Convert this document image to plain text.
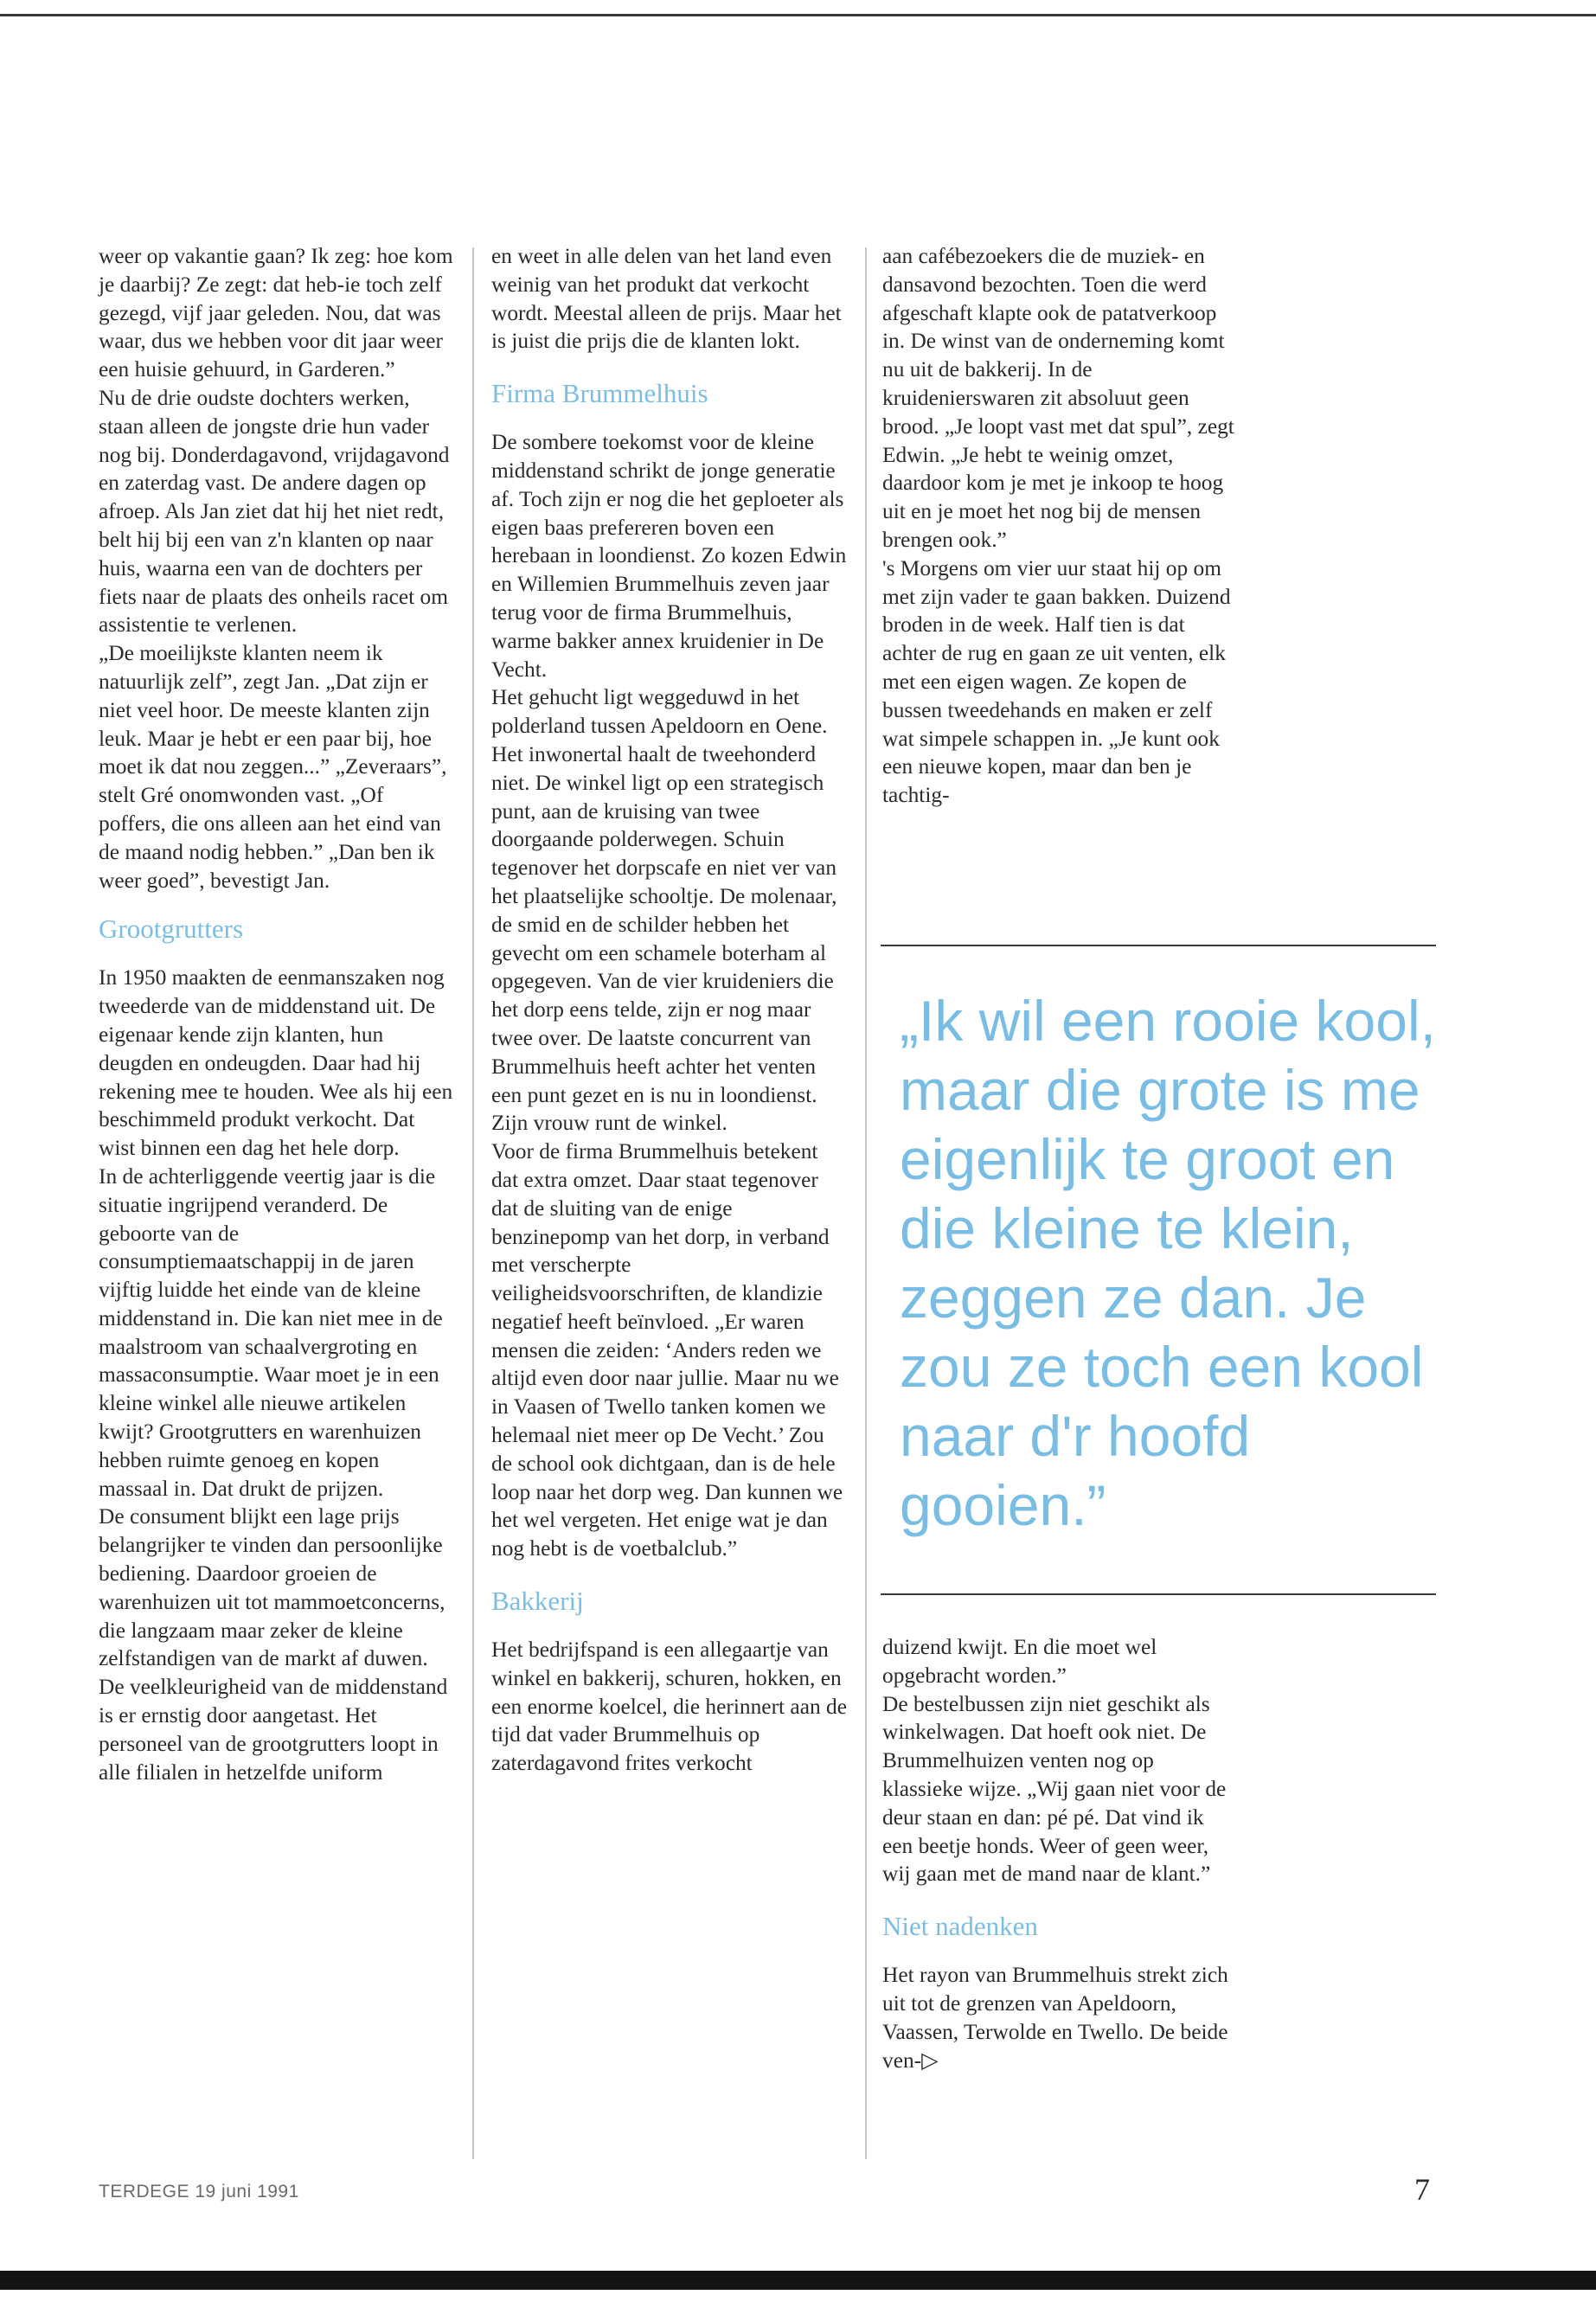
weer op vakantie gaan? Ik zeg: hoe kom je daarbij? Ze zegt: dat heb-ie toch zelf gezegd, vijf jaar geleden. Nou, dat was waar, dus we hebben voor dit jaar weer een huisie gehuurd, in Garderen.”

Nu de drie oudste dochters werken, staan alleen de jongste drie hun vader nog bij. Donderdagavond, vrijdagavond en zaterdag vast. De andere dagen op afroep. Als Jan ziet dat hij het niet redt, belt hij bij een van z'n klanten op naar huis, waarna een van de dochters per fiets naar de plaats des onheils racet om assistentie te verlenen.

„De moeilijkste klanten neem ik natuurlijk zelf”, zegt Jan. „Dat zijn er niet veel hoor. De meeste klanten zijn leuk. Maar je hebt er een paar bij, hoe moet ik dat nou zeggen...” „Zeveraars”, stelt Gré onomwonden vast. „Of poffers, die ons alleen aan het eind van de maand nodig hebben.” „Dan ben ik weer goed”, bevestigt Jan.

Grootgrutters

In 1950 maakten de eenmanszaken nog tweederde van de middenstand uit. De eigenaar kende zijn klanten, hun deugden en ondeugden. Daar had hij rekening mee te houden. Wee als hij een beschimmeld produkt verkocht. Dat wist binnen een dag het hele dorp.

In de achterliggende veertig jaar is die situatie ingrijpend veranderd. De geboorte van de consumptiemaatschappij in de jaren vijftig luidde het einde van de kleine middenstand in. Die kan niet mee in de maalstroom van schaalvergroting en massaconsumptie. Waar moet je in een kleine winkel alle nieuwe artikelen kwijt? Grootgrutters en warenhuizen hebben ruimte genoeg en kopen massaal in. Dat drukt de prijzen.

De consument blijkt een lage prijs belangrijker te vinden dan persoonlijke bediening. Daardoor groeien de warenhuizen uit tot mammoetconcerns, die langzaam maar zeker de kleine zelfstandigen van de markt af duwen. De veelkleurigheid van de middenstand is er ernstig door aangetast. Het personeel van de grootgrutters loopt in alle filialen in hetzelfde uniform

en weet in alle delen van het land even weinig van het produkt dat verkocht wordt. Meestal alleen de prijs. Maar het is juist die prijs die de klanten lokt.

Firma Brummelhuis

De sombere toekomst voor de kleine middenstand schrikt de jonge generatie af. Toch zijn er nog die het geploeter als eigen baas prefereren boven een herebaan in loondienst. Zo kozen Edwin en Willemien Brummelhuis zeven jaar terug voor de firma Brummelhuis, warme bakker annex kruidenier in De Vecht.

Het gehucht ligt weggeduwd in het polderland tussen Apeldoorn en Oene. Het inwonertal haalt de tweehonderd niet. De winkel ligt op een strategisch punt, aan de kruising van twee doorgaande polderwegen. Schuin tegenover het dorpscafe en niet ver van het plaatselijke schooltje. De molenaar, de smid en de schilder hebben het gevecht om een schamele boterham al opgegeven. Van de vier kruideniers die het dorp eens telde, zijn er nog maar twee over. De laatste concurrent van Brummelhuis heeft achter het venten een punt gezet en is nu in loondienst. Zijn vrouw runt de winkel.

Voor de firma Brummelhuis betekent dat extra omzet. Daar staat tegenover dat de sluiting van de enige benzinepomp van het dorp, in verband met verscherpte veiligheidsvoorschriften, de klandizie negatief heeft beïnvloed. „Er waren mensen die zeiden: ‘Anders reden we altijd even door naar jullie. Maar nu we in Vaasen of Twello tanken komen we helemaal niet meer op De Vecht.’ Zou de school ook dichtgaan, dan is de hele loop naar het dorp weg. Dan kunnen we het wel vergeten. Het enige wat je dan nog hebt is de voetbalclub.”

Bakkerij

Het bedrijfspand is een allegaartje van winkel en bakkerij, schuren, hokken, en een enorme koelcel, die herinnert aan de tijd dat vader Brummelhuis op zaterdagavond frites verkocht

aan cafébezoekers die de muziek- en dansavond bezochten. Toen die werd afgeschaft klapte ook de patatverkoop in. De winst van de onderneming komt nu uit de bakkerij. In de kruidenierswaren zit absoluut geen brood. „Je loopt vast met dat spul”, zegt Edwin. „Je hebt te weinig omzet, daardoor kom je met je inkoop te hoog uit en je moet het nog bij de mensen brengen ook.”

's Morgens om vier uur staat hij op om met zijn vader te gaan bakken. Duizend broden in de week. Half tien is dat achter de rug en gaan ze uit venten, elk met een eigen wagen. Ze kopen de bussen tweedehands en maken er zelf wat simpele schappen in. „Je kunt ook een nieuwe kopen, maar dan ben je tachtig-

„Ik wil een rooie kool, maar die grote is me eigenlijk te groot en die kleine te klein, zeggen ze dan. Je zou ze toch een kool naar d'r hoofd gooien.”

duizend kwijt. En die moet wel opgebracht worden.”

De bestelbussen zijn niet geschikt als winkelwagen. Dat hoeft ook niet. De Brummelhuizen venten nog op klassieke wijze. „Wij gaan niet voor de deur staan en dan: pé pé. Dat vind ik een beetje honds. Weer of geen weer, wij gaan met de mand naar de klant.”

Niet nadenken

Het rayon van Brummelhuis strekt zich uit tot de grenzen van Apeldoorn, Vaassen, Terwolde en Twello. De beide ven-▷

TERDEGE 19 juni 1991	7
